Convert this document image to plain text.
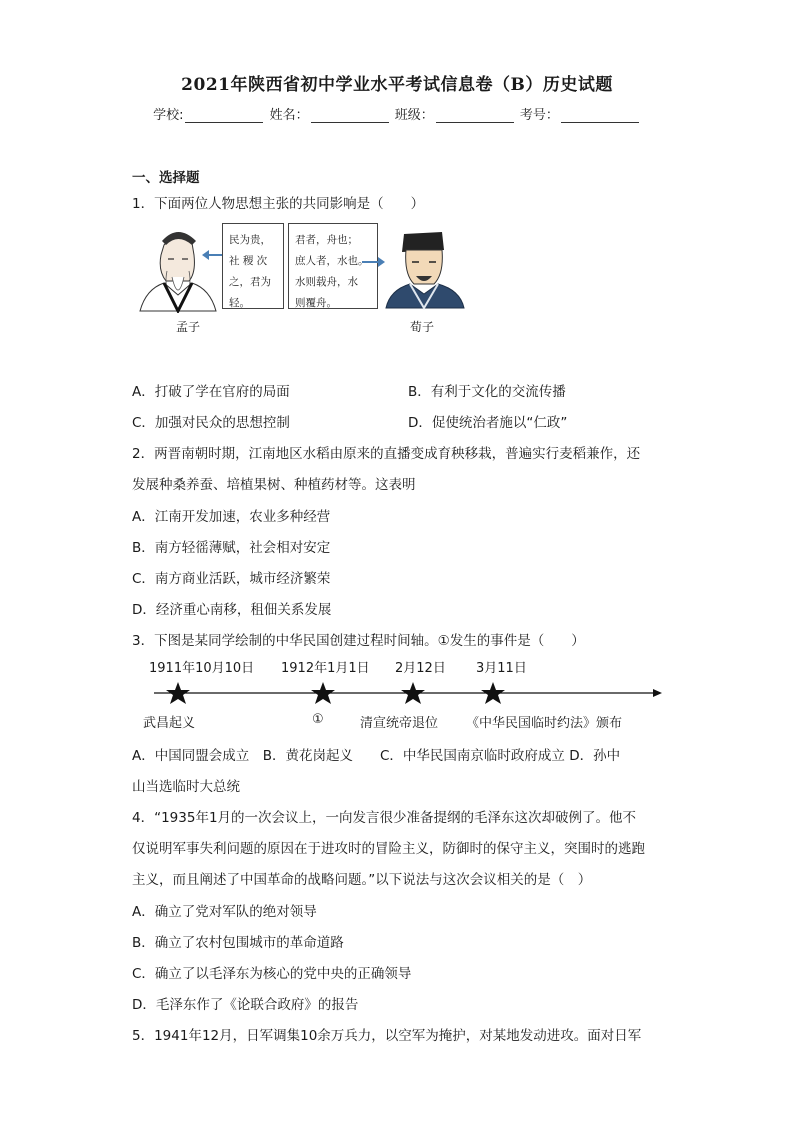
2021年陕西省初中学业水平考试信息卷（B）历史试题
学校:	姓名：	班级：	考号：
一、选择题
1．下面两位人物思想主张的共同影响是（　　）
孟子
民为贵，
社 稷 次
之，君为
轻。
君者，舟也；
庶人者，水也。
水则载舟，水
则覆舟。
荀子
A．打破了学在官府的局面	B．有利于文化的交流传播
C．加强对民众的思想控制	D．促使统治者施以“仁政”
2．两晋南朝时期，江南地区水稻由原来的直播变成育秧移栽，普遍实行麦稻兼作，还
发展种桑养蚕、培植果树、种植药材等。这表明
A．江南开发加速，农业多种经营
B．南方轻徭薄赋，社会相对安定
C．南方商业活跃，城市经济繁荣
D．经济重心南移，租佃关系发展
3．下图是某同学绘制的中华民国创建过程时间轴。①发生的事件是（　　）
1911年10月10日 1912年1月1日 2月12日 3月11日
武昌起义	①	清宣统帝退位 《中华民国临时约法》颁布
A．中国同盟会成立　B．黄花岗起义　　C．中华民国南京临时政府成立 D．孙中
山当选临时大总统
4．“1935年1月的一次会议上，一向发言很少准备提纲的毛泽东这次却破例了。他不
仅说明军事失利问题的原因在于进攻时的冒险主义，防御时的保守主义，突围时的逃跑
主义，而且阐述了中国革命的战略问题。”以下说法与这次会议相关的是（　）
A．确立了党对军队的绝对领导
B．确立了农村包围城市的革命道路
C．确立了以毛泽东为核心的党中央的正确领导
D．毛泽东作了《论联合政府》的报告
5．1941年12月，日军调集10余万兵力，以空军为掩护，对某地发动进攻。面对日军
